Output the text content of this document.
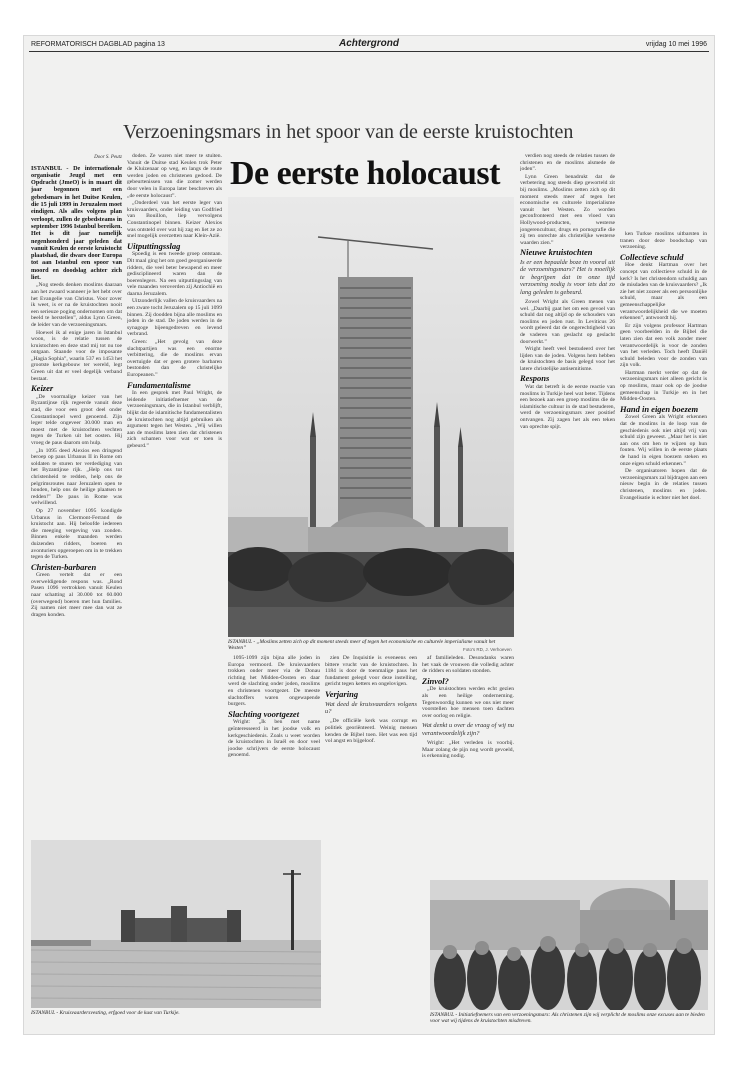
REFORMATORISCH DAGBLAD pagina 13	Achtergrond	vrijdag 10 mei 1996
Verzoeningsmars in het spoor van de eerste kruistochten
De eerste holocaust
Door S. Peutz

ISTANBUL - De internationale organisatie Jeugd met een Opdracht (JmeO) is in maart dit jaar begonnen met een gebedsmars in het Duitse Keulen, die 15 juli 1999 in Jeruzalem moet eindigen. Als alles volgens plan verloopt, zullen de gebedsteams in september 1996 Istanbul bereiken. Het is dit jaar namelijk negenhonderd jaar geleden dat vanuit Keulen de eerste kruistocht plaatshad, die dwars door Europa tot aan Istanbul een spoor van moord en doodslag achter zich liet.

„Nog steeds denken moslims daaraan aan het zwaard wanneer je het hebt over het Evangelie van Christus. Voor zover ik weet, is er na de kruistochten nooit een serieuze poging ondernomen om dat beeld te herstellen”, aldus Lynn Green, de leider van de verzoeningsmars.

Hoewel ik al enige jaren in Istanbul woon, is de relatie tussen de kruistochten en deze stad mij tot nu toe ontgaan. Staande voor de imposante „Hagia Sophia”, waarin 537 en 1453 het grootste kerkgebouw ter wereld, legt Green uit dat er veel degelijk verband bestaat.

Keizer

„De voormalige keizer van het Byzantijnse rijk regeerde vanuit deze stad, die voor een groot deel onder Constantinopel werd genoemd. Zijn leger telde ongeveer 30.000 man en moest met de kruistochten vechten tegen de Turken uit het oosten. Hij vroeg de paus daarom om hulp.

„In 1095 deed Alexios een dringend beroep op paus Urbanus II in Rome om soldaten te sturen ter verdediging van het Byzantijnse rijk. „Help ons tot christenheid te redden, help ons de pelgrimsroutes naar Jeruzalem open te houden, help ons de heilige plaatsen te redden!” De paus in Rome was welwillend.

Op 27 november 1095 kondigde Urbanus in Clermont-Ferrand de kruistocht aan. Hij beloofde iedereen die meeging vergeving van zonden. Binnen enkele maanden werden duizenden ridders, boeren en avonturiers opgeroepen om in te trekken tegen de Turken.

Christen-barbaren

Green vertelt dat er een overweldigende respons was. „Rond Pasen 1096 vertrokken vanuit Keulen naar schatting al 30.000 tot 60.000 (overwegend) boeren met hun families. Zij namen niet meer mee dan wat ze dragen konden.

doden. Ze waren niet meer te stuiten. Vanuit de Duitse stad Keulen trok Peter de Kluizenaar op weg, en langs de route werden joden en christenen gedood. De gebeurtenissen van die zomer werden door velen in Europa later beschreven als „de eerste holocaust”.

„Onderdeel van het eerste leger van kruisvaarders, onder leiding van Godfried van Bouillon, liep vervolgens Constantinopel binnen. Keizer Alexios was ontsteld over wat hij zag en liet ze zo snel mogelijk overzetten naar Klein-Azië.

Uitputtingsslag

Spoedig is een tweede groep ontstaan. Dit maal ging het om goed georganiseerde ridders, die veel beter bewapend en meer gedisciplineerd waren dan de boerenlegers. Na een uitputtingsslag van vele maanden veroverden zij Antiochië en daarna Jeruzalem.

Uitzonderlijk vallen de kruisvaarders na een zware tocht Jeruzalem op 15 juli 1099 binnen. Zij doodden bijna alle moslims en joden in de stad. De joden werden in de synagoge bijeengedreven en levend verbrand.

Green: „Het gevolg van deze slachtpartijen was een enorme verbittering, die de moslims ervan overtuigde dat er geen grotere barbaren bestonden dan de christelijke Europeanen.”

Fundamentalisme

In een gesprek met Paul Wright, de leidende initiatiefnemer van de verzoeningsmars, die in Istanbul verblijft, blijkt dat de islamitische fundamentalisten de kruistochten nog altijd gebruiken als argument tegen het Westen. „Wij willen aan de moslims laten zien dat christenen zich schamen voor wat er toen is gebeurd.”

ISTANBUL - „Moslims zetten zich op dit moment steeds meer af tegen het economische en culturele imperialisme vanuit het Westen”	Foto's RD, J. Verhoeven

verdien nog steeds de relaties tussen de christenen en de moslims alsmede de joden”.

Lynn Green benadrukt dat de verbetering nog steeds diep geworteld zit bij moslims. „Moslims zetten zich op dit moment steeds meer af tegen het economische en culturele imperialisme vanuit het Westen. Zo worden geconfronteerd met een vloed van Hollywood-producten, westerse jongerencultuur, drugs en pornografie die zij ten onrechte als christelijke westerse waarden zien.”

Nieuwe kruistochten

Is er een bepaalde boze in vooral uit de verzoeningsmars? Het is moeilijk te begrijpen dat in onze tijd verzoening nodig is voor iets dat zo lang geleden is gebeurd.

Zowel Wright als Green menen van wel. „Daarbij gaat het om een gevoel van schuld dat nog altijd op de schouders van moslims en joden rust. In Leviticus 26 wordt geleerd dat de ongerechtigheid van de vaderen van geslacht op geslacht doorwerkt.”

Wright heeft veel bestudeerd over het lijden van de joden. Volgens hem hebben de kruistochten de basis gelegd voor het latere christelijke antisemitisme.

Respons

Wat dat betreft is de eerste reactie van moslims in Turkije heel wat beter. Tijdens een bezoek aan een groep moslims die de islamitische cultuur in de stad bestuderen, werd de verzoeningsmars zeer positief ontvangen. Zij zagen het als een teken van oprechte spijt.

ken Turkse moslims uitbarsten in tranen door deze boodschap van verzoening.

Collectieve schuld

Hoe denkt Hartman over het concept van collectieve schuld in de kerk? Is het christendom schuldig aan de misdaden van de kruisvaarders? „Ik zie het niet zozeer als een persoonlijke schuld, maar als een gemeenschappelijke verantwoordelijkheid die we moeten erkennen”, antwoordt hij.

Er zijn volgens professor Hartman geen voorbeelden in de Bijbel die laten zien dat een volk zonder meer verantwoordelijk is voor de zonden van het verleden. Toch heeft Daniël schuld beleden voor de zonden van zijn volk.

Hartman merkt verder op dat de verzoeningsmars niet alleen gericht is op moslims, maar ook op de joodse gemeenschap in Turkije en in het Midden-Oosten.

Hand in eigen boezem

Zowel Green als Wright erkennen dat de moslims in de loop van de geschiedenis ook niet altijd vrij van schuld zijn geweest. „Maar het is niet aan ons om hen te wijzen op hun fouten. Wij willen in de eerste plaats de hand in eigen boezem steken en onze eigen schuld erkennen.”

De organisatoren hopen dat de verzoeningsmars zal bijdragen aan een nieuw begin in de relaties tussen christenen, moslims en joden. Evangelisatie is echter niet het doel.

1095-1099 zijn bijna alle joden in Europa vermoord. De kruisvaarders trokken onder meer via de Donau richting het Midden-Oosten en daar werd de slachting onder joden, moslims en christenen voortgezet. De meeste slachtoffers waren ongewapende burgers.

Slachting voortgezet

Wright: „Ik ben met name geïnteresseerd in het joodse volk en kerkgeschiedenis. Zoals u weet worden de kruistochten in Israël en door veel joodse schrijvers de eerste holocaust genoemd.

zien De Inquisitie is eveneens een bittere vrucht van de kruistochten. In 1184 is door de toenmalige paus het fundament gelegd voor deze instelling, gericht tegen ketters en ongelovigen.

Verjaring

Wat deed de kruisvaarders volgens u?

„De officiële kerk was corrupt en politiek georiënteerd. Weinig mensen kenden de Bijbel toen. Het was een tijd vol angst en bijgeloof.

af familieleden. Desondanks waren het vaak de vrouwen die volledig achter de ridders en soldaten stonden.

Zinvol?

„De kruistochten werden echt gezien als een heilige onderneming. Tegenwoordig kunnen we ons niet meer voorstellen hoe mensen toen dachten over oorlog en religie.

Wat denkt u over de vraag of wij nu verantwoordelijk zijn?

Wright: „Het verleden is voorbij. Maar zolang de pijn nog wordt gevoeld, is erkenning nodig.

ISTANBUL - Kruisvaardersvesting, erfgoed voor de kust van Turkije.	ISTANBUL - Initiatiefnemers van een verzoeningsmars: Als christenen zijn wij verplicht de moslims onze excuses aan te bieden voor wat wij tijdens de kruistochten misdreven.
